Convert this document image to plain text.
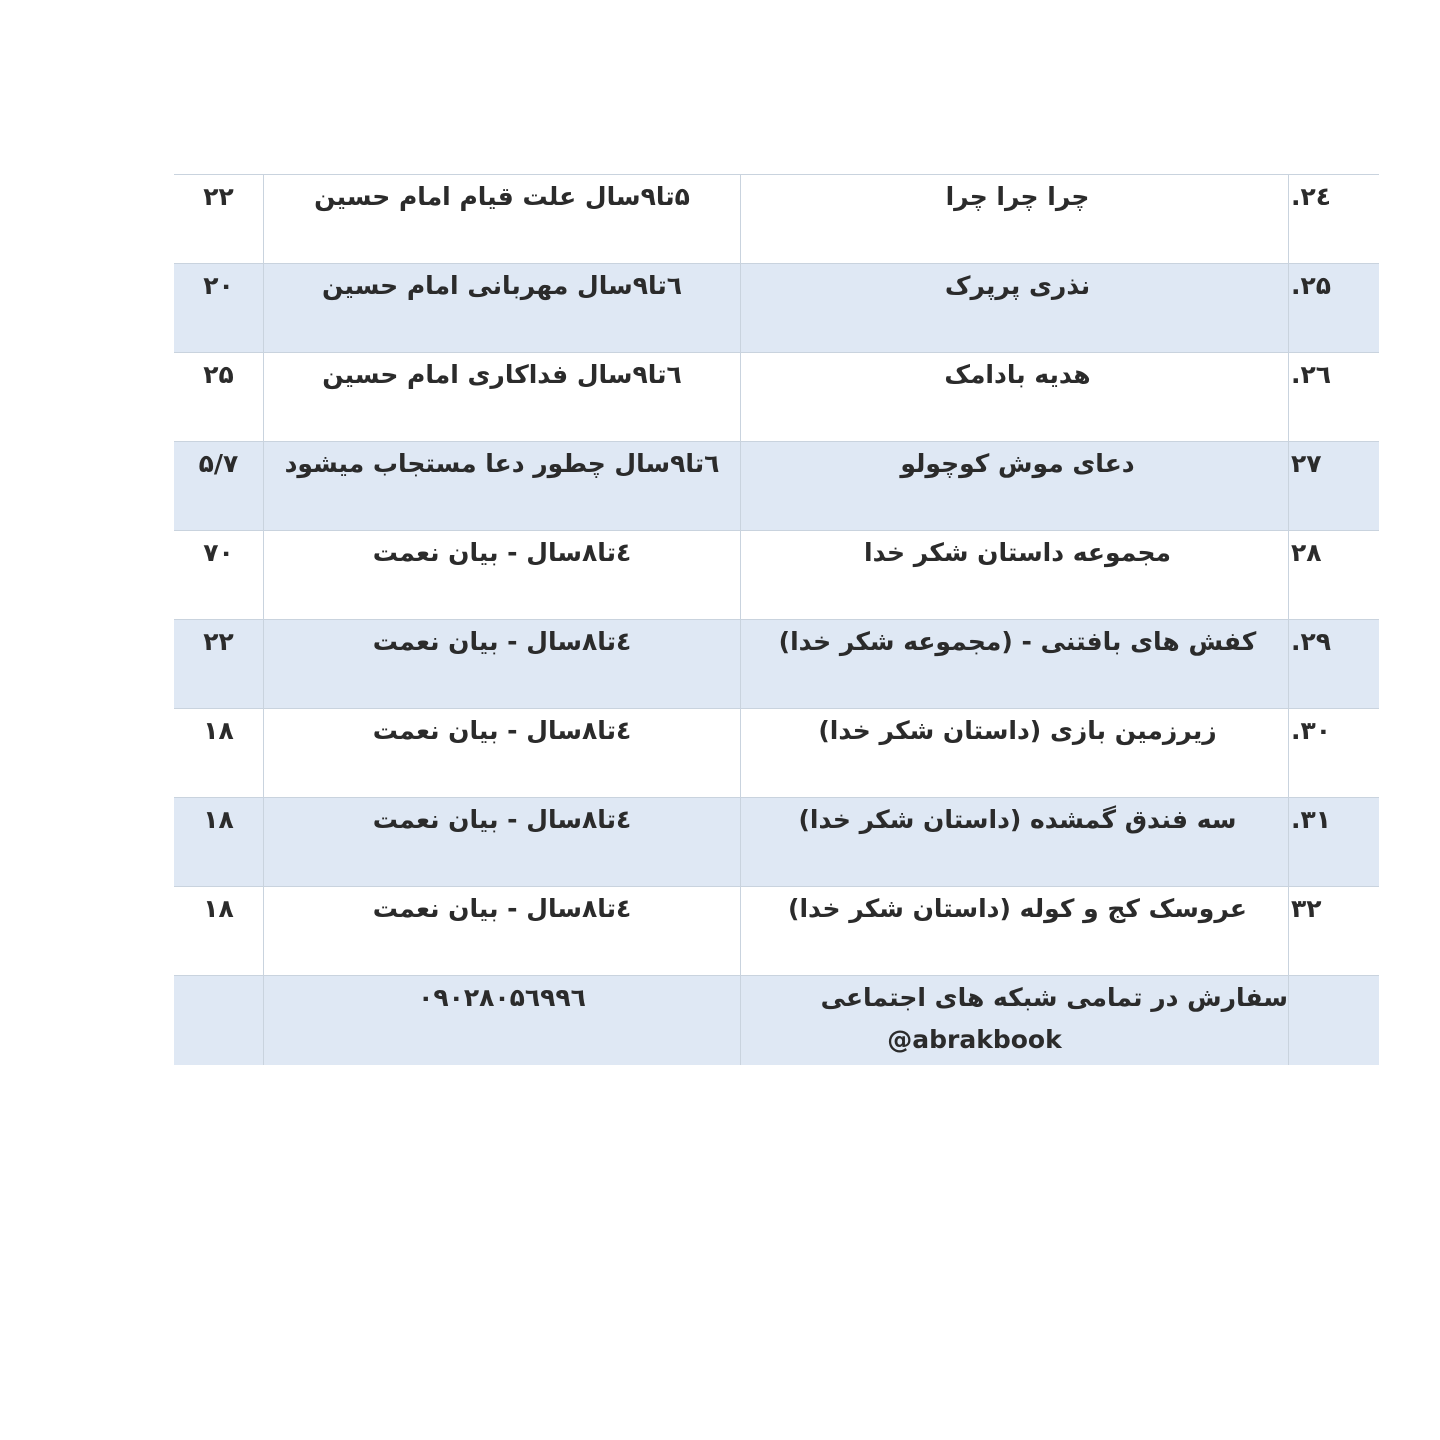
۲۲	۵تا۹سال علت قیام امام حسین	چرا چرا چرا	.۲٤

۲۰	٦تا۹سال مهربانی امام حسین	نذری پرپرک	.۲۵

۲۵	٦تا۹سال فداکاری امام حسین	هدیه بادامک	.۲٦

۵/۷	٦تا۹سال چطور دعا مستجاب میشود	دعای موش کوچولو	۲۷

۷۰	٤تا۸سال - بیان نعمت	مجموعه داستان شکر خدا	۲۸

۲۲	٤تا۸سال - بیان نعمت	کفش های بافتنی - (مجموعه شکر خدا)	.۲۹

۱۸	٤تا۸سال - بیان نعمت	زیرزمین بازی (داستان شکر خدا)	.۳۰

۱۸	٤تا۸سال - بیان نعمت	سه فندق گمشده (داستان شکر خدا)	.۳۱

۱۸	٤تا۸سال - بیان نعمت	عروسک کج و کوله (داستان شکر خدا)	۳۲

	۰۹۰۲۸۰۵٦۹۹٦	سفارش در تمامی شبکه های اجتماعی
@abrakbook	
